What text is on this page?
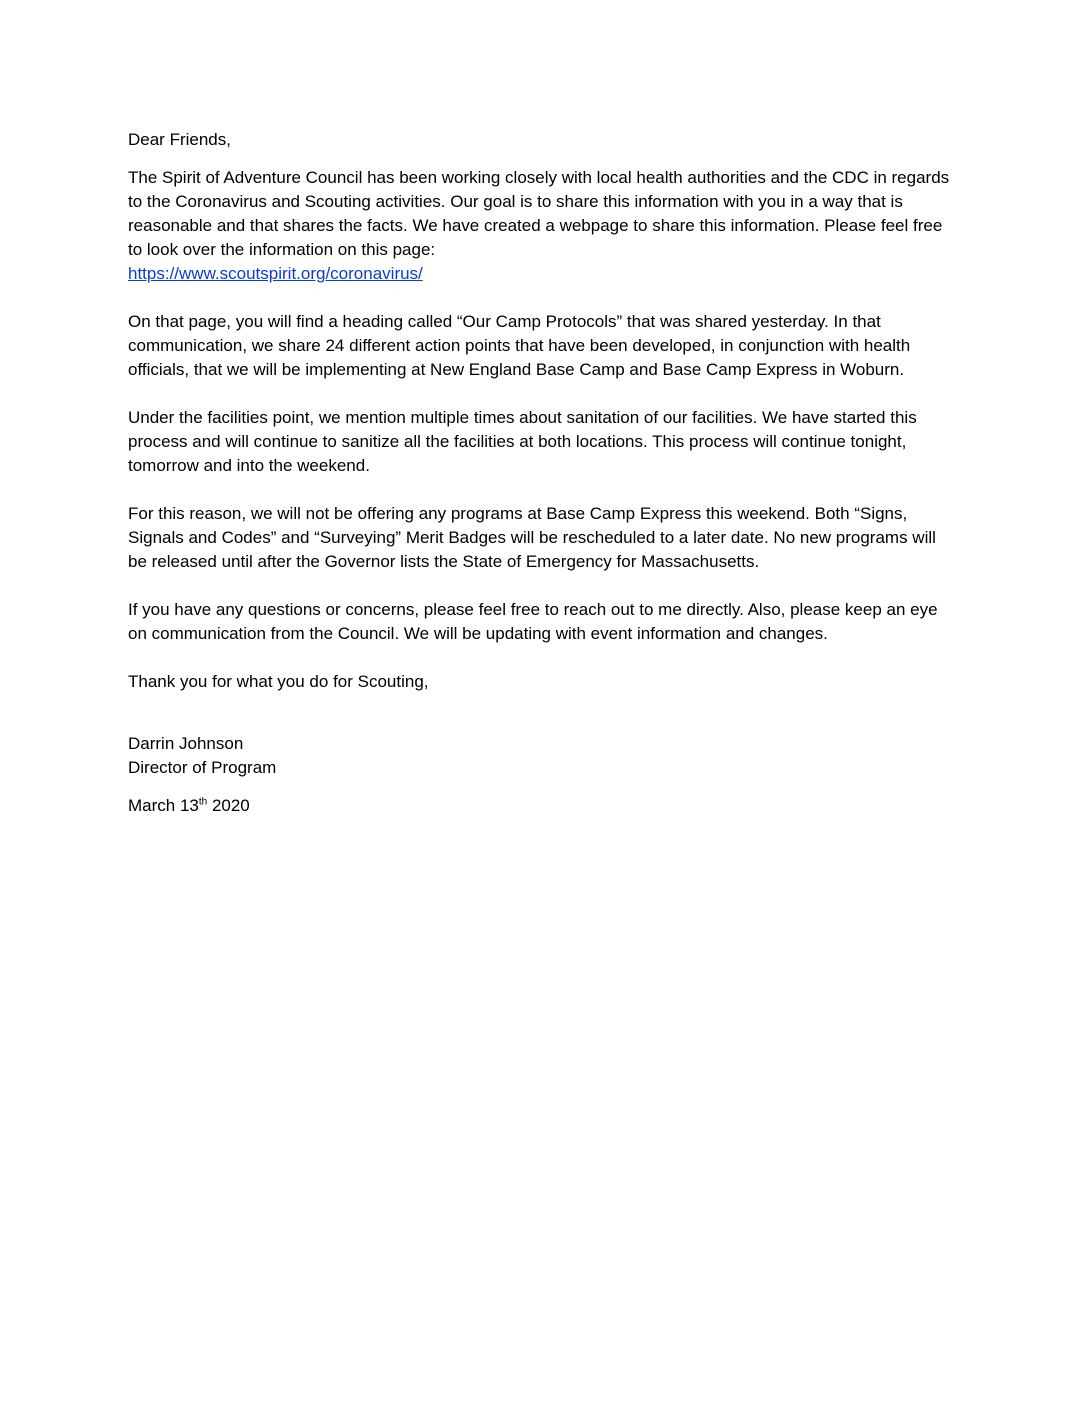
Dear Friends,

The Spirit of Adventure Council has been working closely with local health authorities and the CDC in regards to the Coronavirus and Scouting activities. Our goal is to share this information with you in a way that is reasonable and that shares the facts. We have created a webpage to share this information. Please feel free to look over the information on this page:
https://www.scoutspirit.org/coronavirus/

On that page, you will find a heading called “Our Camp Protocols” that was shared yesterday. In that communication, we share 24 different action points that have been developed, in conjunction with health officials, that we will be implementing at New England Base Camp and Base Camp Express in Woburn.

Under the facilities point, we mention multiple times about sanitation of our facilities. We have started this process and will continue to sanitize all the facilities at both locations. This process will continue tonight, tomorrow and into the weekend.

For this reason, we will not be offering any programs at Base Camp Express this weekend. Both “Signs, Signals and Codes” and “Surveying” Merit Badges will be rescheduled to a later date. No new programs will be released until after the Governor lists the State of Emergency for Massachusetts.

If you have any questions or concerns, please feel free to reach out to me directly. Also, please keep an eye on communication from the Council. We will be updating with event information and changes.

Thank you for what you do for Scouting,

Darrin Johnson

Director of Program

March 13th 2020
